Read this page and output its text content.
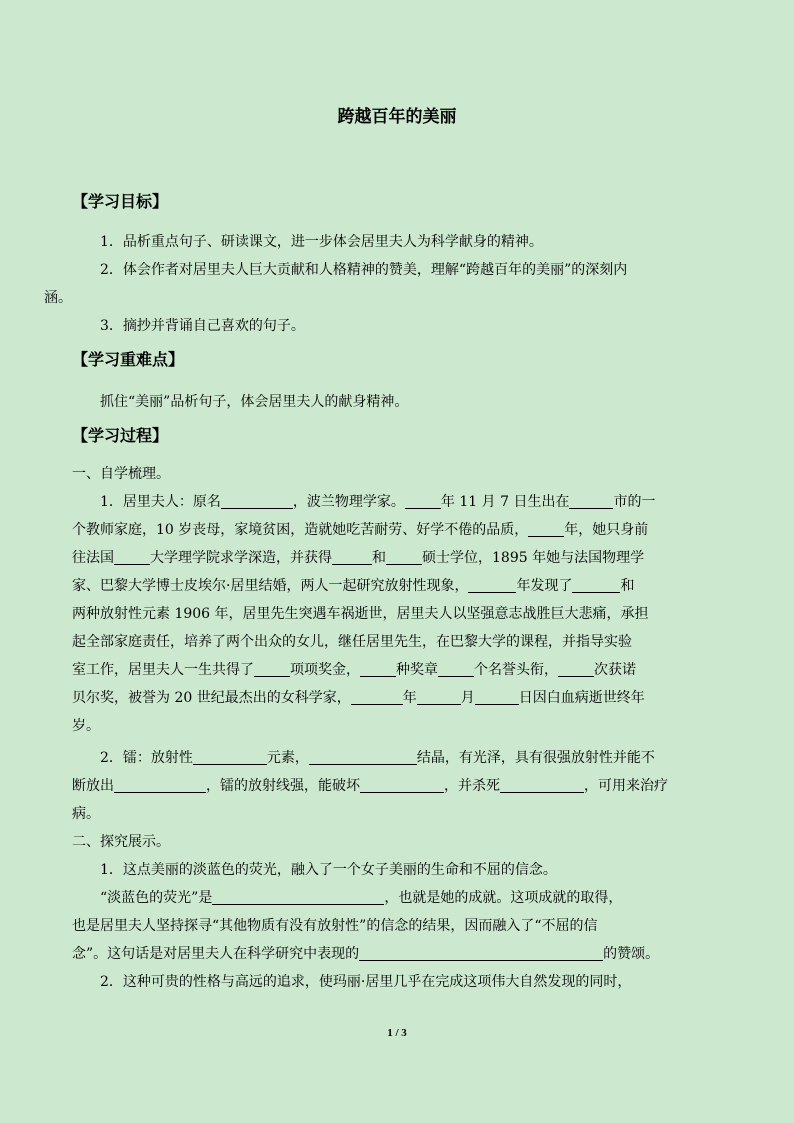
跨越百年的美丽
【学习目标】
1．品析重点句子、研读课文，进一步体会居里夫人为科学献身的精神。
2．体会作者对居里夫人巨大贡献和人格精神的赞美，理解“跨越百年的美丽”的深刻内
涵。
3．摘抄并背诵自己喜欢的句子。
【学习重难点】
抓住“美丽”品析句子，体会居里夫人的献身精神。
【学习过程】
一、自学梳理。
1．居里夫人：原名	，波兰物理学家。	年 11 月 7 日生出在	市的一
个教师家庭，10 岁丧母，家境贫困，造就她吃苦耐劳、好学不倦的品质，	年，她只身前
往法国	大学理学院求学深造，并获得	和	硕士学位，1895 年她与法国物理学
家、巴黎大学博士皮埃尔·居里结婚，两人一起研究放射性现象，	年发现了	和
两种放射性元素 1906 年，居里先生突遇车祸逝世，居里夫人以坚强意志战胜巨大悲痛，承担
起全部家庭责任，培养了两个出众的女儿，继任居里先生，在巴黎大学的课程，并指导实验
室工作，居里夫人一生共得了	项项奖金，	种奖章	个名誉头衔，	次获诺
贝尔奖，被誉为 20 世纪最杰出的女科学家，	年	月	日因白血病逝世终年
岁。
2．镭：放射性	元素，	结晶，有光泽，具有很强放射性并能不
断放出	，镭的放射线强，能破坏	，并杀死	，可用来治疗
病。
二、探究展示。
1．这点美丽的淡蓝色的荧光，融入了一个女子美丽的生命和不屈的信念。
“淡蓝色的荧光”是	，也就是她的成就。这项成就的取得，
也是居里夫人坚持探寻“其他物质有没有放射性”的信念的结果，因而融入了“不屈的信
念”。这句话是对居里夫人在科学研究中表现的	的赞颂。
2．这种可贵的性格与高远的追求，使玛丽·居里几乎在完成这项伟大自然发现的同时，
1 / 3
